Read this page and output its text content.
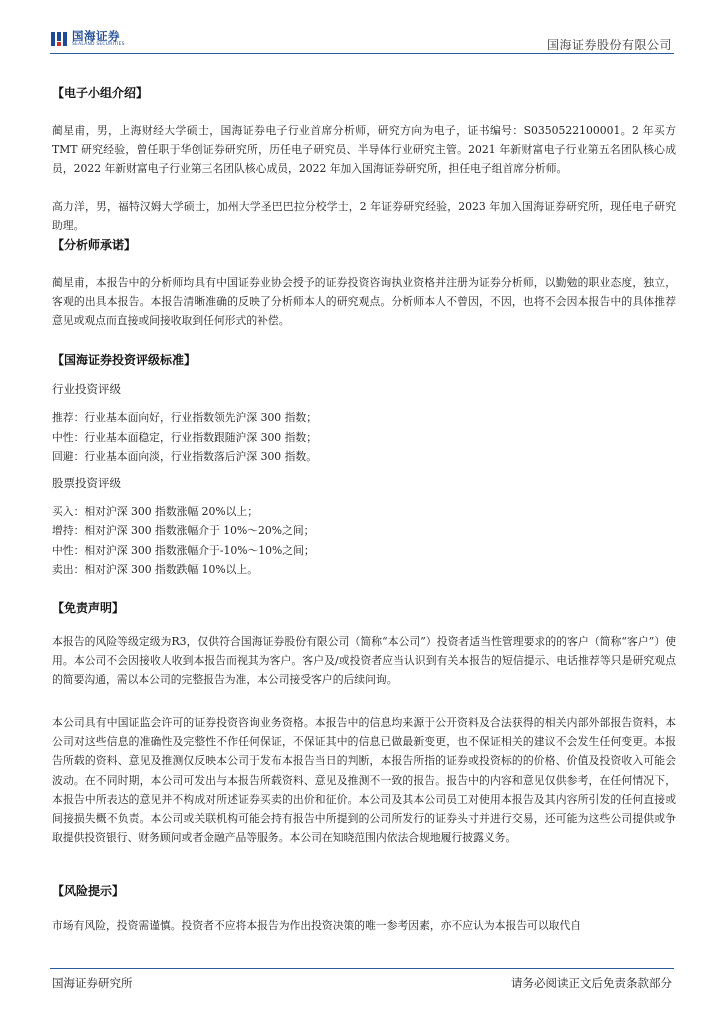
国海证券
SEALAND SECURITIES	国海证券股份有限公司
【电子小组介绍】
蔺星甫，男，上海财经大学硕士，国海证券电子行业首席分析师，研究方向为电子，证书编号：S0350522100001。2 年买方 TMT 研究经验，曾任职于华创证券研究所，历任电子研究员、半导体行业研究主管。2021 年新财富电子行业第五名团队核心成员，2022 年新财富电子行业第三名团队核心成员，2022 年加入国海证券研究所，担任电子组首席分析师。
高力洋，男，福特汉姆大学硕士，加州大学圣巴巴拉分校学士，2 年证券研究经验，2023 年加入国海证券研究所，现任电子研究助理。
【分析师承诺】
蔺星甫，本报告中的分析师均具有中国证券业协会授予的证券投资咨询执业资格并注册为证券分析师，以勤勉的职业态度，独立，客观的出具本报告。本报告清晰准确的反映了分析师本人的研究观点。分析师本人不曾因，不因，也将不会因本报告中的具体推荐意见或观点而直接或间接收取到任何形式的补偿。
【国海证券投资评级标准】
行业投资评级
推荐：行业基本面向好，行业指数领先沪深 300 指数；
中性：行业基本面稳定，行业指数跟随沪深 300 指数；
回避：行业基本面向淡，行业指数落后沪深 300 指数。
股票投资评级
买入：相对沪深 300 指数涨幅 20%以上；
增持：相对沪深 300 指数涨幅介于 10%～20%之间；
中性：相对沪深 300 指数涨幅介于-10%～10%之间；
卖出：相对沪深 300 指数跌幅 10%以上。
【免责声明】
本报告的风险等级定级为R3，仅供符合国海证券股份有限公司（简称“本公司”）投资者适当性管理要求的的客户（简称“客户”）使用。本公司不会因接收人收到本报告而视其为客户。客户及/或投资者应当认识到有关本报告的短信提示、电话推荐等只是研究观点的简要沟通，需以本公司的完整报告为准，本公司接受客户的后续问询。
本公司具有中国证监会许可的证券投资咨询业务资格。本报告中的信息均来源于公开资料及合法获得的相关内部外部报告资料，本公司对这些信息的准确性及完整性不作任何保证，不保证其中的信息已做最新变更，也不保证相关的建议不会发生任何变更。本报告所载的资料、意见及推测仅反映本公司于发布本报告当日的判断，本报告所指的证券或投资标的的价格、价值及投资收入可能会波动。在不同时期，本公司可发出与本报告所载资料、意见及推测不一致的报告。报告中的内容和意见仅供参考，在任何情况下，本报告中所表达的意见并不构成对所述证券买卖的出价和征价。本公司及其本公司员工对使用本报告及其内容所引发的任何直接或间接损失概不负责。本公司或关联机构可能会持有报告中所提到的公司所发行的证券头寸并进行交易，还可能为这些公司提供或争取提供投资银行、财务顾问或者金融产品等服务。本公司在知晓范围内依法合规地履行披露义务。
【风险提示】
市场有风险，投资需谨慎。投资者不应将本报告为作出投资决策的唯一参考因素，亦不应认为本报告可以取代自
国海证券研究所	请务必阅读正文后免责条款部分
